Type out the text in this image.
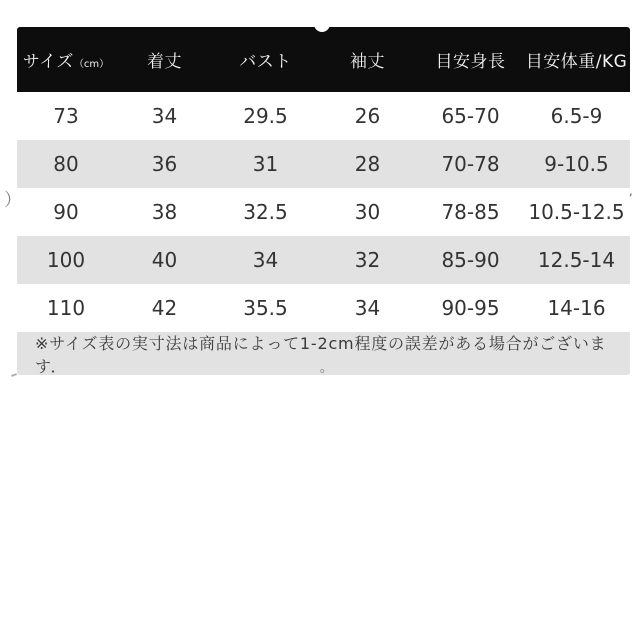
サイズ（cm）	着丈	バスト	袖丈	目安身長	目安体重/KG
73	34	29.5	26	65-70	6.5-9
80	36	31	28	70-78	9-10.5
90	38	32.5	30	78-85	10.5-12.5
100	40	34	32	85-90	12.5-14
110	42	35.5	34	90-95	14-16
※サイズ表の実寸法は商品によって1-2cm程度の誤差がある場合がございます．
）	’
°
